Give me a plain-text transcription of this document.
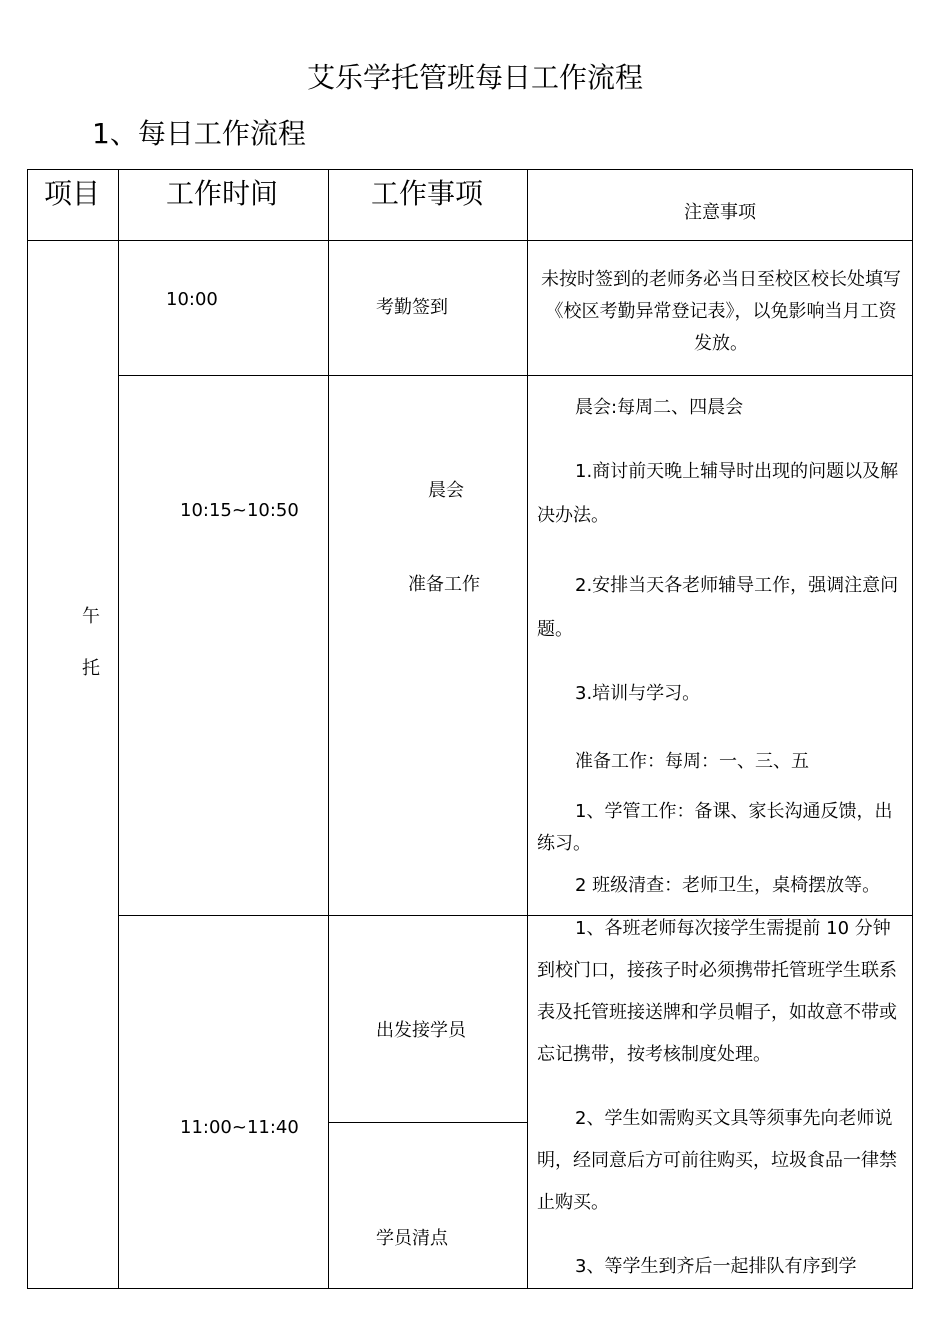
艾乐学托管班每日工作流程
1、每日工作流程
项目 工作时间	工作事项
注意事项
午
托
10:00	考勤签到

未按时签到的老师务必当日至校区校长处填写《校区考勤异常登记表》，以免影响当月工资发放。

10:15~10:50
晨会
准备工作

晨会:每周二、四晨会

1.商讨前天晚上辅导时出现的问题以及解决办法。

2.安排当天各老师辅导工作，强调注意问题。

3.培训与学习。

准备工作：每周：一、三、五

1、学管工作：备课、家长沟通反馈，出练习。

2 班级清查：老师卫生，桌椅摆放等。

11:00~11:40
出发接学员
学员清点

1、各班老师每次接学生需提前 10 分钟到校门口，接孩子时必须携带托管班学生联系表及托管班接送牌和学员帽子，如故意不带或忘记携带，按考核制度处理。

2、学生如需购买文具等须事先向老师说明，经同意后方可前往购买，垃圾食品一律禁止购买。

3、等学生到齐后一起排队有序到学
